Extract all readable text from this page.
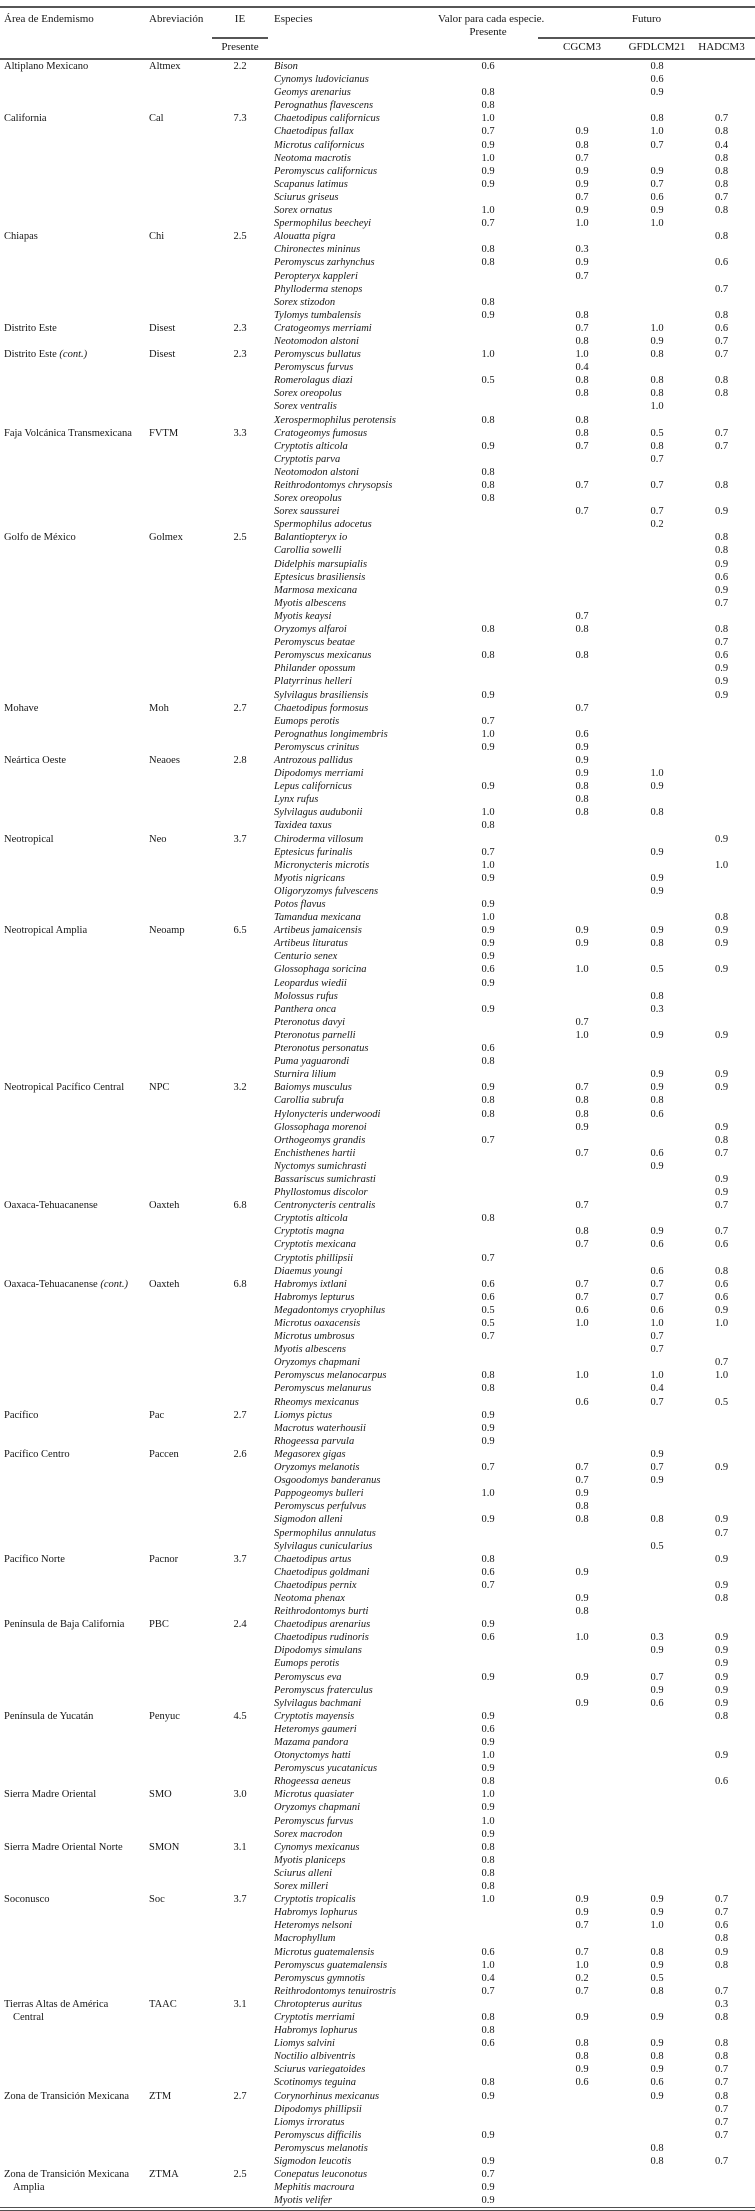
Área de Endemismo	Abreviación	IE	Especies	Valor para cada especie.
Presente	Futuro		
		Presente			CGCM3	GFDLCM21	HADCM3
Altiplano Mexicano	Altmex	2.2	Bison	0.6		0.8	
			Cynomys ludovicianus			0.6	
			Geomys arenarius	0.8		0.9	
			Perognathus flavescens	0.8			
California	Cal	7.3	Chaetodipus californicus	1.0		0.8	0.7
			Chaetodipus fallax	0.7	0.9	1.0	0.8
			Microtus californicus	0.9	0.8	0.7	0.4
			Neotoma macrotis	1.0	0.7		0.8
			Peromyscus californicus	0.9	0.9	0.9	0.8
			Scapanus latimus	0.9	0.9	0.7	0.8
			Sciurus griseus		0.7	0.6	0.7
			Sorex ornatus	1.0	0.9	0.9	0.8
			Spermophilus beecheyi	0.7	1.0	1.0	
Chiapas	Chi	2.5	Alouatta pigra				0.8
			Chironectes mininus	0.8	0.3		
			Peromyscus zarhynchus	0.8	0.9		0.6
			Peropteryx kappleri		0.7		
			Phylloderma stenops				0.7
			Sorex stizodon	0.8			
			Tylomys tumbalensis	0.9	0.8		0.8
Distrito Este	Disest	2.3	Cratogeomys merriami		0.7	1.0	0.6
			Neotomodon alstoni		0.8	0.9	0.7
Distrito Este (cont.)	Disest	2.3	Peromyscus bullatus	1.0	1.0	0.8	0.7
			Peromyscus furvus		0.4		
			Romerolagus diazi	0.5	0.8	0.8	0.8
			Sorex oreopolus		0.8	0.8	0.8
			Sorex ventralis			1.0	
			Xerospermophilus perotensis	0.8	0.8		
Faja Volcánica Transmexicana	FVTM	3.3	Cratogeomys fumosus		0.8	0.5	0.7
			Cryptotis alticola	0.9	0.7	0.8	0.7
			Cryptotis parva			0.7	
			Neotomodon alstoni	0.8			
			Reithrodontomys chrysopsis	0.8	0.7	0.7	0.8
			Sorex oreopolus	0.8			
			Sorex saussurei		0.7	0.7	0.9
			Spermophilus adocetus			0.2	
Golfo de México	Golmex	2.5	Balantiopteryx io				0.8
			Carollia sowelli				0.8
			Didelphis marsupialis				0.9
			Eptesicus brasiliensis				0.6
			Marmosa mexicana				0.9
			Myotis albescens				0.7
			Myotis keaysi		0.7		
			Oryzomys alfaroi	0.8	0.8		0.8
			Peromyscus beatae				0.7
			Peromyscus mexicanus	0.8	0.8		0.6
			Philander opossum				0.9
			Platyrrinus helleri				0.9
			Sylvilagus brasiliensis	0.9			0.9
Mohave	Moh	2.7	Chaetodipus formosus		0.7		
			Eumops perotis	0.7			
			Perognathus longimembris	1.0	0.6		
			Peromyscus crinitus	0.9	0.9		
Neártica Oeste	Neaoes	2.8	Antrozous pallidus		0.9		
			Dipodomys merriami		0.9	1.0	
			Lepus californicus	0.9	0.8	0.9	
			Lynx rufus		0.8		
			Sylvilagus audubonii	1.0	0.8	0.8	
			Taxidea taxus	0.8			
Neotropical	Neo	3.7	Chiroderma villosum				0.9
			Eptesicus furinalis	0.7		0.9	
			Micronycteris microtis	1.0			1.0
			Myotis nigricans	0.9		0.9	
			Oligoryzomys fulvescens			0.9	
			Potos flavus	0.9			
			Tamandua mexicana	1.0			0.8
Neotropical Amplia	Neoamp	6.5	Artibeus jamaicensis	0.9	0.9	0.9	0.9
			Artibeus lituratus	0.9	0.9	0.8	0.9
			Centurio senex	0.9			
			Glossophaga soricina	0.6	1.0	0.5	0.9
			Leopardus wiedii	0.9			
			Molossus rufus			0.8	
			Panthera onca	0.9		0.3	
			Pteronotus davyi		0.7		
			Pteronotus parnelli		1.0	0.9	0.9
			Pteronotus personatus	0.6			
			Puma yaguarondi	0.8			
			Sturnira lilium			0.9	0.9
Neotropical Pacífico Central	NPC	3.2	Baiomys musculus	0.9	0.7	0.9	0.9
			Carollia subrufa	0.8	0.8	0.8	
			Hylonycteris underwoodi	0.8	0.8	0.6	
			Glossophaga morenoi		0.9		0.9
			Orthogeomys grandis	0.7			0.8
			Enchisthenes hartii		0.7	0.6	0.7
			Nyctomys sumichrasti			0.9	
			Bassariscus sumichrasti				0.9
			Phyllostomus discolor				0.9
Oaxaca-Tehuacanense	Oaxteh	6.8	Centronycteris centralis		0.7		0.7
			Cryptotis alticola	0.8			
			Cryptotis magna		0.8	0.9	0.7
			Cryptotis mexicana		0.7	0.6	0.6
			Cryptotis phillipsii	0.7			
			Diaemus youngi			0.6	0.8
Oaxaca-Tehuacanense (cont.)	Oaxteh	6.8	Habromys ixtlani	0.6	0.7	0.7	0.6
			Habromys lepturus	0.6	0.7	0.7	0.6
			Megadontomys cryophilus	0.5	0.6	0.6	0.9
			Microtus oaxacensis	0.5	1.0	1.0	1.0
			Microtus umbrosus	0.7		0.7	
			Myotis albescens			0.7	
			Oryzomys chapmani				0.7
			Peromyscus melanocarpus	0.8	1.0	1.0	1.0
			Peromyscus melanurus	0.8		0.4	
			Rheomys mexicanus		0.6	0.7	0.5
Pacífico	Pac	2.7	Liomys pictus	0.9			
			Macrotus waterhousii	0.9			
			Rhogeessa parvula	0.9			
Pacífico Centro	Paccen	2.6	Megasorex gigas			0.9	
			Oryzomys melanotis	0.7	0.7	0.7	0.9
			Osgoodomys banderanus		0.7	0.9	
			Pappogeomys bulleri	1.0	0.9		
			Peromyscus perfulvus		0.8		
			Sigmodon alleni	0.9	0.8	0.8	0.9
			Spermophilus annulatus				0.7
			Sylvilagus cunicularius			0.5	
Pacífico Norte	Pacnor	3.7	Chaetodipus artus	0.8			0.9
			Chaetodipus goldmani	0.6	0.9		
			Chaetodipus pernix	0.7			0.9
			Neotoma phenax		0.9		0.8
			Reithrodontomys burti		0.8		
Península de Baja California	PBC	2.4	Chaetodipus arenarius	0.9			
			Chaetodipus rudinoris	0.6	1.0	0.3	0.9
			Dipodomys simulans			0.9	0.9
			Eumops perotis				0.9
			Peromyscus eva	0.9	0.9	0.7	0.9
			Peromyscus fraterculus			0.9	0.9
			Sylvilagus bachmani		0.9	0.6	0.9
Península de Yucatán	Penyuc	4.5	Cryptotis mayensis	0.9			0.8
			Heteromys gaumeri	0.6			
			Mazama pandora	0.9			
			Otonyctomys hatti	1.0			0.9
			Peromyscus yucatanicus	0.9			
			Rhogeessa aeneus	0.8			0.6
Sierra Madre Oriental	SMO	3.0	Microtus quasiater	1.0			
			Oryzomys chapmani	0.9			
			Peromyscus furvus	1.0			
			Sorex macrodon	0.9			
Sierra Madre Oriental Norte	SMON	3.1	Cynomys mexicanus	0.8			
			Myotis planiceps	0.8			
			Sciurus alleni	0.8			
			Sorex milleri	0.8			
Soconusco	Soc	3.7	Cryptotis tropicalis	1.0	0.9	0.9	0.7
			Habromys lophurus		0.9	0.9	0.7
			Heteromys nelsoni		0.7	1.0	0.6
			Macrophyllum				0.8
			Microtus guatemalensis	0.6	0.7	0.8	0.9
			Peromyscus guatemalensis	1.0	1.0	0.9	0.8
			Peromyscus gymnotis	0.4	0.2	0.5	
			Reithrodontomys tenuirostris	0.7	0.7	0.8	0.7
Tierras Altas de América	TAAC	3.1	Chrotopterus auritus				0.3
Central			Cryptotis merriami	0.8	0.9	0.9	0.8
			Habromys lophurus	0.8			
			Liomys salvini	0.6	0.8	0.9	0.8
			Noctilio albiventris		0.8	0.8	0.8
			Sciurus variegatoides		0.9	0.9	0.7
			Scotinomys teguina	0.8	0.6	0.6	0.7
Zona de Transición Mexicana	ZTM	2.7	Corynorhinus mexicanus	0.9		0.9	0.8
			Dipodomys phillipsii				0.7
			Liomys irroratus				0.7
			Peromyscus difficilis	0.9			0.7
			Peromyscus melanotis			0.8	
			Sigmodon leucotis	0.9		0.8	0.7
Zona de Transición Mexicana	ZTMA	2.5	Conepatus leuconotus	0.7			
Amplia			Mephitis macroura	0.9			
			Myotis velifer	0.9			
